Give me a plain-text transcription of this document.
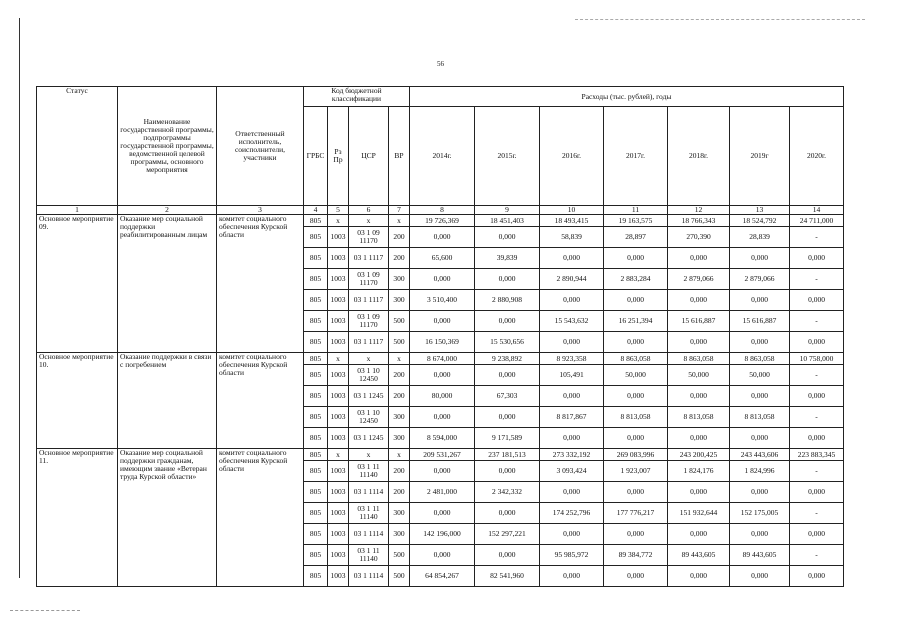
56
Статус	Наименование государственной программы, подпрограммы государственной программы, ведомственной целевой программы, основного мероприятия	Ответственный исполнитель, соисполнители, участники	Код бюджетной классификации				Расходы (тыс. рублей), годы						
			ГРБС	Рз Пр	ЦСР	ВР	2014г.	2015г.	2016г.	2017г.	2018г.	2019г	2020г.
1	2	3	4	5	6	7	8	9	10	11	12	13	14
Основное мероприятие 09.	Оказание мер социальной поддержки реабилитированным лицам	комитет социального обеспечения Курской области	805	x	x	x	19 726,369	18 451,403	18 493,415	19 163,575	18 766,343	18 524,792	24 711,000
			805	1003	03 1 09 11170	200	0,000	0,000	58,839	28,897	270,390	28,839	-
			805	1003	03 1 1117	200	65,600	39,839	0,000	0,000	0,000	0,000	0,000
			805	1003	03 1 09 11170	300	0,000	0,000	2 890,944	2 883,284	2 879,066	2 879,066	-
			805	1003	03 1 1117	300	3 510,400	2 880,908	0,000	0,000	0,000	0,000	0,000
			805	1003	03 1 09 11170	500	0,000	0,000	15 543,632	16 251,394	15 616,887	15 616,887	-
			805	1003	03 1 1117	500	16 150,369	15 530,656	0,000	0,000	0,000	0,000	0,000
Основное мероприятие 10.	Оказание поддержки в связи с погребением	комитет социального обеспечения Курской области	805	x	x	x	8 674,000	9 238,892	8 923,358	8 863,058	8 863,058	8 863,058	10 758,000
			805	1003	03 1 10 12450	200	0,000	0,000	105,491	50,000	50,000	50,000	-
			805	1003	03 1 1245	200	80,000	67,303	0,000	0,000	0,000	0,000	0,000
			805	1003	03 1 10 12450	300	0,000	0,000	8 817,867	8 813,058	8 813,058	8 813,058	-
			805	1003	03 1 1245	300	8 594,000	9 171,589	0,000	0,000	0,000	0,000	0,000
Основное мероприятие 11.	Оказание мер социальной поддержки гражданам, имеющим звание «Ветеран труда Курской области»	комитет социального обеспечения Курской области	805	x	x	x	209 531,267	237 181,513	273 332,192	269 083,996	243 200,425	243 443,606	223 883,345
			805	1003	03 1 11 11140	200	0,000	0,000	3 093,424	1 923,007	1 824,176	1 824,996	-
			805	1003	03 1 1114	200	2 481,000	2 342,332	0,000	0,000	0,000	0,000	0,000
			805	1003	03 1 11 11140	300	0,000	0,000	174 252,796	177 776,217	151 932,644	152 175,005	-
			805	1003	03 1 1114	300	142 196,000	152 297,221	0,000	0,000	0,000	0,000	0,000
			805	1003	03 1 11 11140	500	0,000	0,000	95 985,972	89 384,772	89 443,605	89 443,605	-
			805	1003	03 1 1114	500	64 854,267	82 541,960	0,000	0,000	0,000	0,000	0,000
